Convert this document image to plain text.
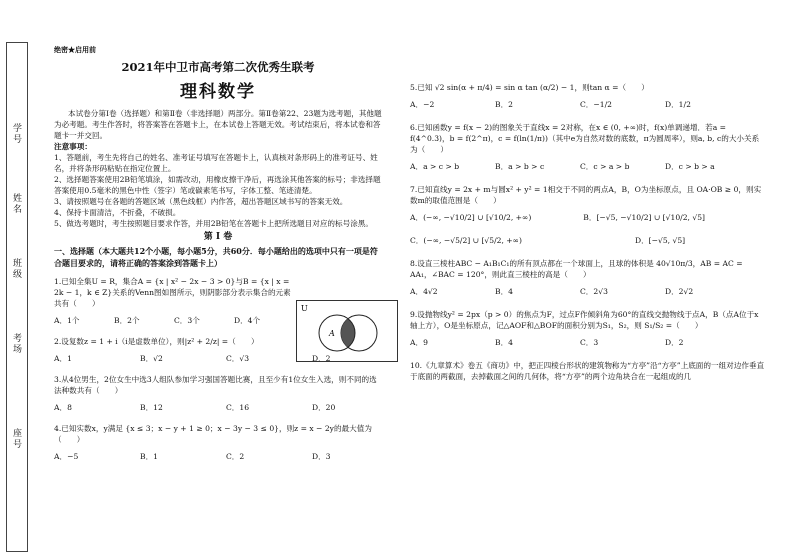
学号
姓名
班级
考场
座号
绝密★启用前
2021年中卫市高考第二次优秀生联考
理科数学

本试卷分第Ⅰ卷（选择题）和第Ⅱ卷（非选择题）两部分。第Ⅱ卷第22、23题为选考题，其他题为必考题。考生作答时，将答案答在答题卡上，在本试卷上答题无效。考试结束后，将本试卷和答题卡一并交回。

注意事项：

1、答题前，考生先将自己的姓名、准考证号填写在答题卡上，认真核对条形码上的准考证号、姓名，并将条形码粘贴在指定位置上。

2、选择题答案使用2B铅笔填涂，如需改动，用橡皮擦干净后，再选涂其他答案的标号；非选择题答案使用0.5毫米的黑色中性（签字）笔或碳素笔书写，字体工整、笔迹清楚。

3、请按照题号在各题的答题区域（黑色线框）内作答，超出答题区域书写的答案无效。

4、保持卡面清洁，不折叠，不破损。

5、做选考题时，考生按照题目要求作答，并用2B铅笔在答题卡上把所选题目对应的标号涂黑。

第 Ⅰ 卷

一、选择题（本大题共12个小题，每小题5分，共60分．每小题给出的选项中只有一项是符合题目要求的，请将正确的答案涂到答题卡上）

1.已知全集U = R，集合A = {x | x² − 2x − 3 > 0}与B = {x | x = 2k − 1，k ∈ Z}关系的Venn图如图所示，则阴影部分表示集合的元素共有（　　）
A．1个	B．2个	C．3个	D．4个
2.设复数z = 1 + i（i是虚数单位），则|z² + 2/z| =（　　）
A．1	B．√2	C．√3	D．2
3.从4位男生，2位女生中选3人组队参加学习强国答题比赛，且至少有1位女生入选，则不同的选法种数共有（　　）
A．8	B．12	C．16	D．20
4.已知实数x，y满足 {x ≤ 3；x − y + 1 ≥ 0；x − 3y − 3 ≤ 0}，则z = x − 2y的最大值为（　　）
A．−5	B．1	C．2	D．3
U
A	B
5.已知 √2 sin(α + π/4) = sin α tan (α/2) − 1，则tan α =（　　）
A．−2	B．2	C．−1/2	D．1/2
6.已知函数y = f(x − 2)的图象关于直线x = 2对称，在x ∈ (0, +∞)时，f(x)单调递增．若a = f(4^0.3)，b = f(2^π)，c = f(ln(1/π))（其中e为自然对数的底数，π为圆周率），则a, b, c的大小关系为（　　）
A．a > c > b	B．a > b > c	C．c > a > b	D．c > b > a
7.已知直线y = 2x + m与圆x² + y² = 1相交于不同的两点A，B，O为坐标原点，且 OA·OB ≥ 0，则实数m的取值范围是（　　）
A．(−∞, −√10/2] ∪ [√10/2, +∞)	B．[−√5, −√10/2] ∪ [√10/2, √5]
C．(−∞, −√5/2] ∪ [√5/2, +∞)	D．[−√5, √5]
8.设直三棱柱ABC − A₁B₁C₁的所有顶点都在一个球面上，且球的体积是 40√10π/3，AB = AC = AA₁，∠BAC = 120°，则此直三棱柱的高是（　　）
A．4√2	B．4	C．2√3	D．2√2
9.设抛物线y² = 2px（p > 0）的焦点为F，过点F作倾斜角为60°的直线交抛物线于点A，B（点A位于x轴上方），O是坐标原点，记△AOF和△BOF的面积分别为S₁，S₂，则 S₁/S₂ =（　　）
A．9	B．4	C．3	D．2
10.《九章算术》卷五《商功》中，把正四棱台形状的建筑物称为“方亭”沿“方亭”上底面的一组对边作垂直于底面的两截面，去掉截面之间的几何体，将“方亭”的两个边角块合在一起组成的几
